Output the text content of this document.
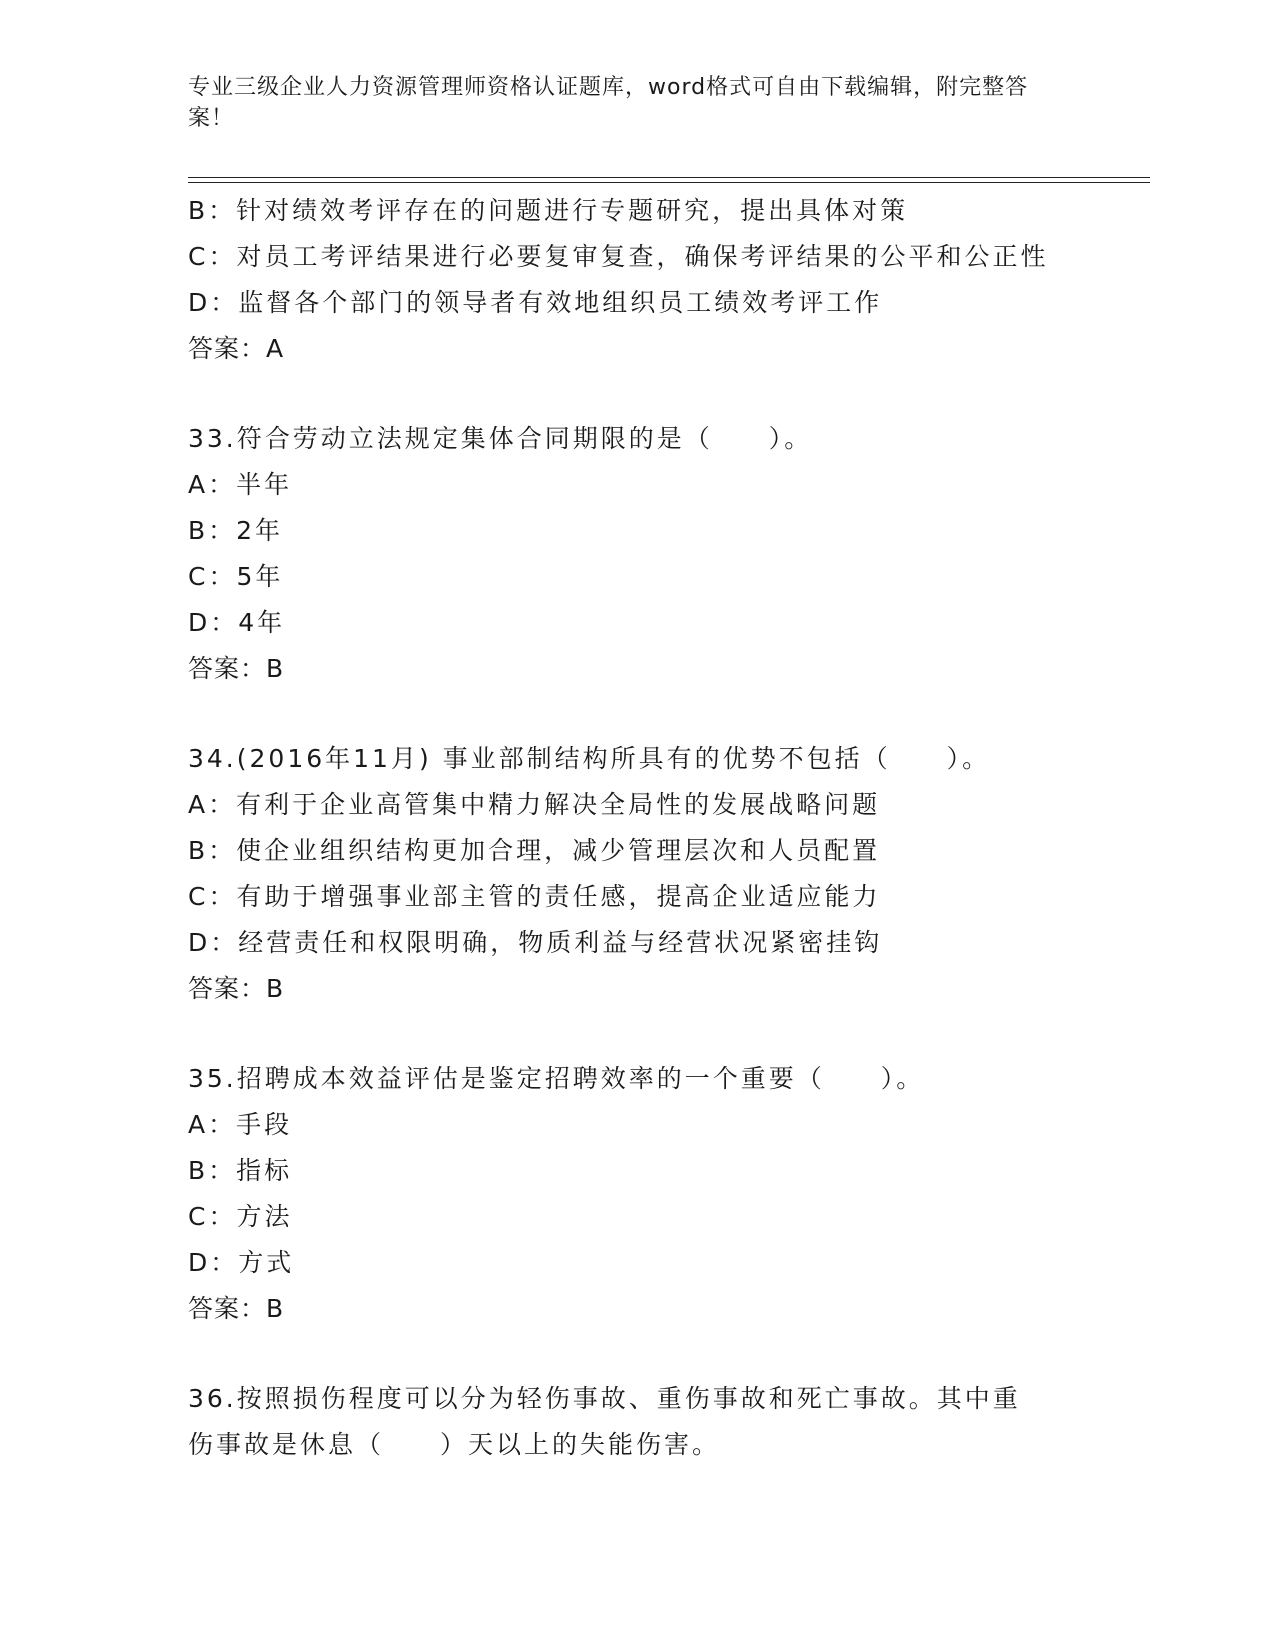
专业三级企业人力资源管理师资格认证题库，word格式可自由下载编辑，附完整答案！
B：针对绩效考评存在的问题进行专题研究，提出具体对策
C：对员工考评结果进行必要复审复查，确保考评结果的公平和公正性
D：监督各个部门的领导者有效地组织员工绩效考评工作
答案：A
33.符合劳动立法规定集体合同期限的是（　　）。
A：半年
B：2年
C：5年
D：4年
答案：B
34.(2016年11月) 事业部制结构所具有的优势不包括（　　）。
A：有利于企业高管集中精力解决全局性的发展战略问题
B：使企业组织结构更加合理，减少管理层次和人员配置
C：有助于增强事业部主管的责任感，提高企业适应能力
D：经营责任和权限明确，物质利益与经营状况紧密挂钩
答案：B
35.招聘成本效益评估是鉴定招聘效率的一个重要（　　）。
A：手段
B：指标
C：方法
D：方式
答案：B
36.按照损伤程度可以分为轻伤事故、重伤事故和死亡事故。其中重伤事故是休息（　　）天以上的失能伤害。
